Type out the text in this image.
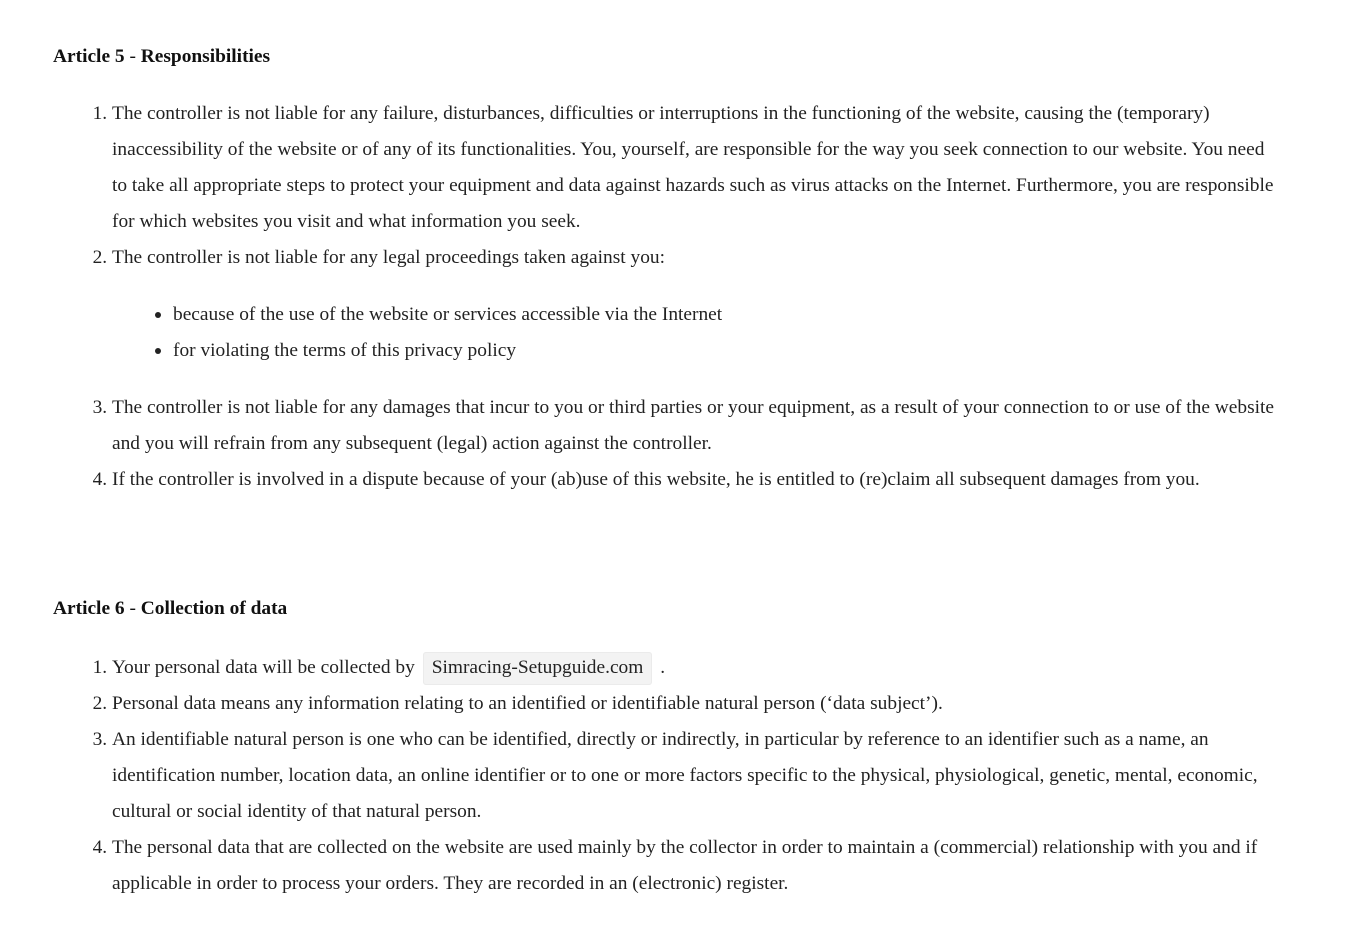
Article 5 - Responsibilities
1. The controller is not liable for any failure, disturbances, difficulties or interruptions in the functioning of the website, causing the (temporary) inaccessibility of the website or of any of its functionalities. You, yourself, are responsible for the way you seek connection to our website. You need to take all appropriate steps to protect your equipment and data against hazards such as virus attacks on the Internet. Furthermore, you are responsible for which websites you visit and what information you seek.
2. The controller is not liable for any legal proceedings taken against you:
because of the use of the website or services accessible via the Internet
for violating the terms of this privacy policy
3. The controller is not liable for any damages that incur to you or third parties or your equipment, as a result of your connection to or use of the website and you will refrain from any subsequent (legal) action against the controller.
4. If the controller is involved in a dispute because of your (ab)use of this website, he is entitled to (re)claim all subsequent damages from you.
Article 6 - Collection of data
1. Your personal data will be collected by Simracing-Setupguide.com .
2. Personal data means any information relating to an identified or identifiable natural person (‘data subject’).
3. An identifiable natural person is one who can be identified, directly or indirectly, in particular by reference to an identifier such as a name, an identification number, location data, an online identifier or to one or more factors specific to the physical, physiological, genetic, mental, economic, cultural or social identity of that natural person.
4. The personal data that are collected on the website are used mainly by the collector in order to maintain a (commercial) relationship with you and if applicable in order to process your orders. They are recorded in an (electronic) register.
